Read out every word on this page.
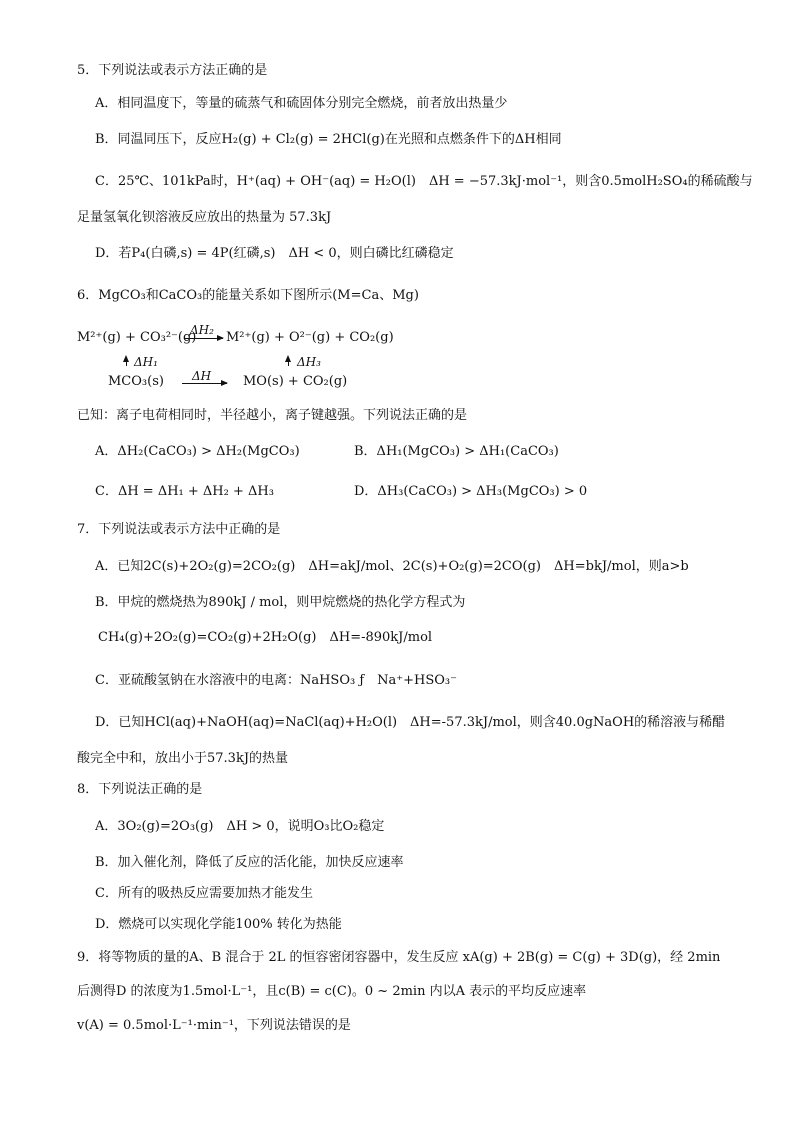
5．下列说法或表示方法正确的是
A．相同温度下，等量的硫蒸气和硫固体分别完全燃烧，前者放出热量少
B．同温同压下，反应H₂(g) + Cl₂(g) = 2HCl(g)在光照和点燃条件下的ΔH相同
C．25℃、101kPa时，H⁺(aq) + OH⁻(aq) = H₂O(l)　ΔH = −57.3kJ·mol⁻¹，则含0.5molH₂SO₄的稀硫酸与
足量氢氧化钡溶液反应放出的热量为 57.3kJ
D．若P₄(白磷,s) = 4P(红磷,s)　ΔH < 0，则白磷比红磷稳定
6．MgCO₃和CaCO₃的能量关系如下图所示(M=Ca、Mg)
M²⁺(g) + CO₃²⁻(g)
ΔH₂ M²⁺(g) + O²⁻(g) + CO₂(g)
ΔH₁	ΔH₃
MCO₃(s) ΔH MO(s) + CO₂(g)
已知：离子电荷相同时，半径越小，离子键越强。下列说法正确的是
A．ΔH₂(CaCO₃) > ΔH₂(MgCO₃)	B．ΔH₁(MgCO₃) > ΔH₁(CaCO₃)
C．ΔH = ΔH₁ + ΔH₂ + ΔH₃	D．ΔH₃(CaCO₃) > ΔH₃(MgCO₃) > 0
7．下列说法或表示方法中正确的是
A．已知2C(s)+2O₂(g)=2CO₂(g)　ΔH=akJ/mol、2C(s)+O₂(g)=2CO(g)　ΔH=bkJ/mol，则a>b
B．甲烷的燃烧热为890kJ / mol，则甲烷燃烧的热化学方程式为
CH₄(g)+2O₂(g)=CO₂(g)+2H₂O(g)　ΔH=-890kJ/mol
C．亚硫酸氢钠在水溶液中的电离：NaHSO₃ ƒ　Na⁺+HSO₃⁻
D．已知HCl(aq)+NaOH(aq)=NaCl(aq)+H₂O(l)　ΔH=-57.3kJ/mol，则含40.0gNaOH的稀溶液与稀醋
酸完全中和，放出小于57.3kJ的热量
8．下列说法正确的是
A．3O₂(g)=2O₃(g)　ΔH > 0，说明O₃比O₂稳定
B．加入催化剂，降低了反应的活化能，加快反应速率
C．所有的吸热反应需要加热才能发生
D．燃烧可以实现化学能100% 转化为热能
9．将等物质的量的A、B 混合于 2L 的恒容密闭容器中，发生反应 xA(g) + 2B(g) = C(g) + 3D(g)，经 2min
后测得D 的浓度为1.5mol·L⁻¹，且c(B) = c(C)。0 ~ 2min 内以A 表示的平均反应速率
v(A) = 0.5mol·L⁻¹·min⁻¹，下列说法错误的是
